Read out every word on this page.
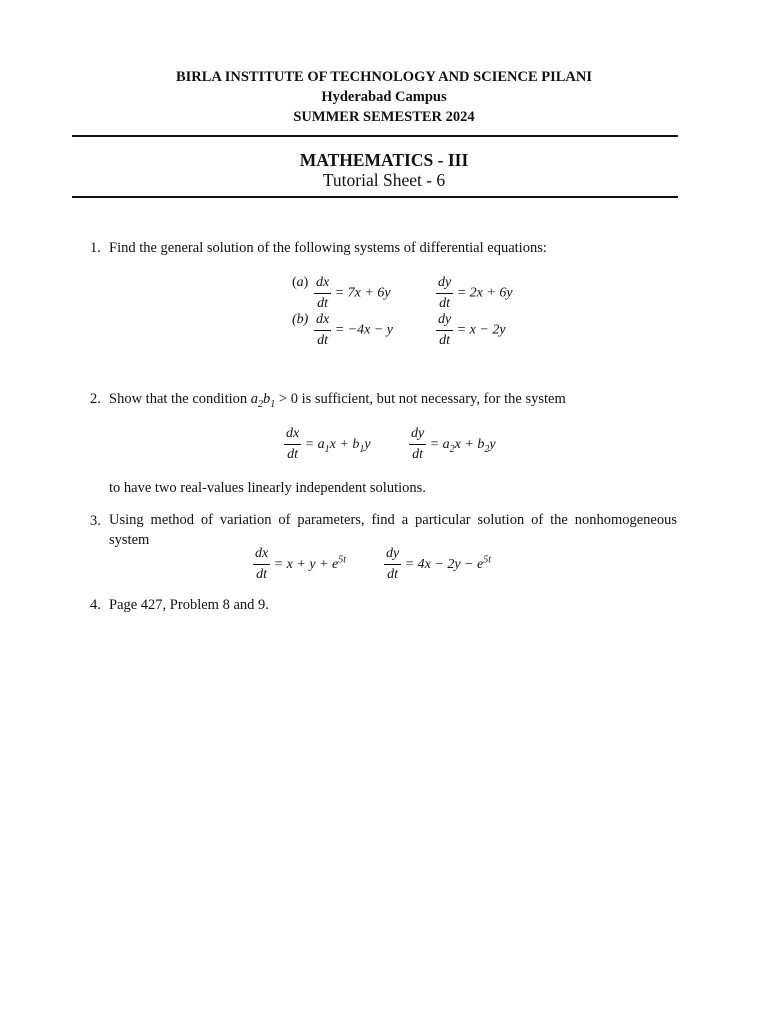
BIRLA INSTITUTE OF TECHNOLOGY AND SCIENCE PILANI
Hyderabad Campus
SUMMER SEMESTER 2024
MATHEMATICS - III
Tutorial Sheet - 6
1. Find the general solution of the following systems of differential equations:
$(a) \frac{dx}{dt} = 7x + 6y$	$\frac{dy}{dt} = 2x + 6y$
$(b) \frac{dx}{dt} = -4x - y$	$\frac{dy}{dt} = x - 2y$
2. Show that the condition $a_2b_1 > 0$ is sufficient, but not necessary, for the system
$\frac{dx}{dt} = a_1x + b_1y$	$\frac{dy}{dt} = a_2x + b_2y$
to have two real-values linearly independent solutions.
3. Using method of variation of parameters, find a particular solution of the nonhomogeneous
system
$\frac{dx}{dt} = x + y + e^{5t}$	$\frac{dy}{dt} = 4x - 2y - e^{5t}$
4. Page 427, Problem 8 and 9.
